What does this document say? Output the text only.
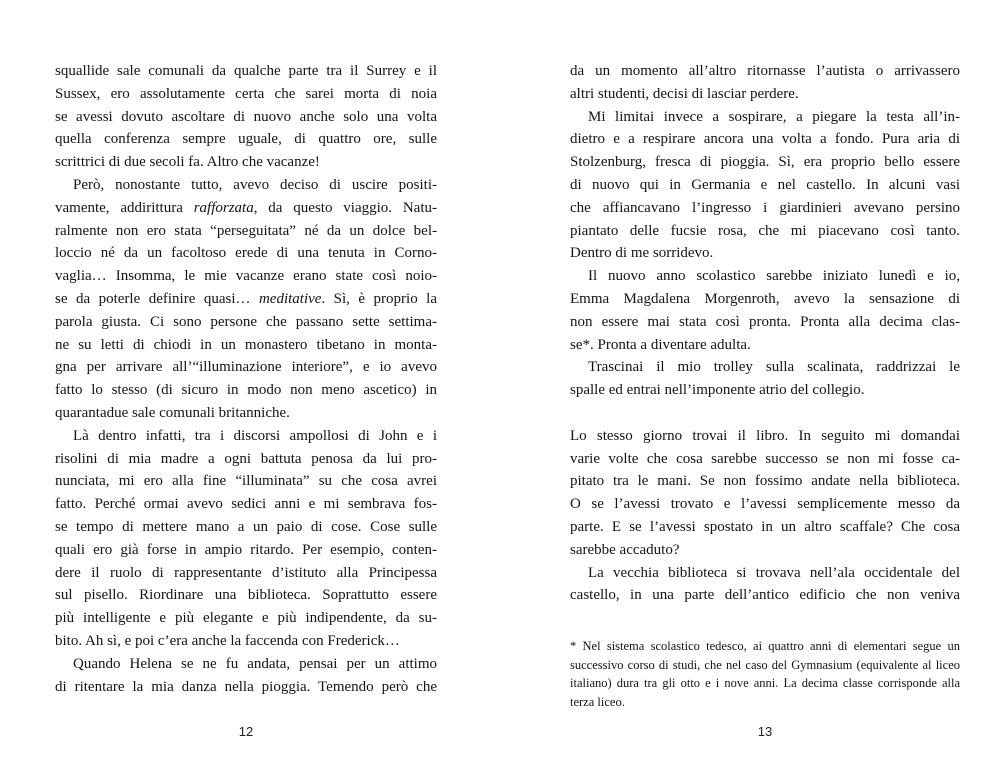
squallide sale comunali da qualche parte tra il Surrey e il
Sussex, ero assolutamente certa che sarei morta di noia
se avessi dovuto ascoltare di nuovo anche solo una volta
quella conferenza sempre uguale, di quattro ore, sulle
scrittrici di due secoli fa. Altro che vacanze!
Però, nonostante tutto, avevo deciso di uscire positi-
vamente, addirittura rafforzata, da questo viaggio. Natu-
ralmente non ero stata “perseguitata” né da un dolce bel-
loccio né da un facoltoso erede di una tenuta in Corno-
vaglia… Insomma, le mie vacanze erano state così noio-
se da poterle definire quasi… meditative. Sì, è proprio la
parola giusta. Ci sono persone che passano sette settima-
ne su letti di chiodi in un monastero tibetano in monta-
gna per arrivare all’“illuminazione interiore”, e io avevo
fatto lo stesso (di sicuro in modo non meno ascetico) in
quarantadue sale comunali britanniche.
Là dentro infatti, tra i discorsi ampollosi di John e i
risolini di mia madre a ogni battuta penosa da lui pro-
nunciata, mi ero alla fine “illuminata” su che cosa avrei
fatto. Perché ormai avevo sedici anni e mi sembrava fos-
se tempo di mettere mano a un paio di cose. Cose sulle
quali ero già forse in ampio ritardo. Per esempio, conten-
dere il ruolo di rappresentante d’istituto alla Principessa
sul pisello. Riordinare una biblioteca. Soprattutto essere
più intelligente e più elegante e più indipendente, da su-
bito. Ah sì, e poi c’era anche la faccenda con Frederick…
Quando Helena se ne fu andata, pensai per un attimo
di ritentare la mia danza nella pioggia. Temendo però che
da un momento all’altro ritornasse l’autista o arrivassero
altri studenti, decisi di lasciar perdere.
Mi limitai invece a sospirare, a piegare la testa all’in-
dietro e a respirare ancora una volta a fondo. Pura aria di
Stolzenburg, fresca di pioggia. Sì, era proprio bello essere
di nuovo qui in Germania e nel castello. In alcuni vasi
che affiancavano l’ingresso i giardinieri avevano persino
piantato delle fucsie rosa, che mi piacevano così tanto.
Dentro di me sorridevo.
Il nuovo anno scolastico sarebbe iniziato lunedì e io,
Emma Magdalena Morgenroth, avevo la sensazione di
non essere mai stata così pronta. Pronta alla decima clas-
se*. Pronta a diventare adulta.
Trascinai il mio trolley sulla scalinata, raddrizzai le
spalle ed entrai nell’imponente atrio del collegio.
Lo stesso giorno trovai il libro. In seguito mi domandai
varie volte che cosa sarebbe successo se non mi fosse ca-
pitato tra le mani. Se non fossimo andate nella biblioteca.
O se l’avessi trovato e l’avessi semplicemente messo da
parte. E se l’avessi spostato in un altro scaffale? Che cosa
sarebbe accaduto?
La vecchia biblioteca si trovava nell’ala occidentale del
castello, in una parte dell’antico edificio che non veniva
* Nel sistema scolastico tedesco, ai quattro anni di elementari segue un
successivo corso di studi, che nel caso del Gymnasium (equivalente al liceo
italiano) dura tra gli otto e i nove anni. La decima classe corrisponde alla
terza liceo.
12	13
